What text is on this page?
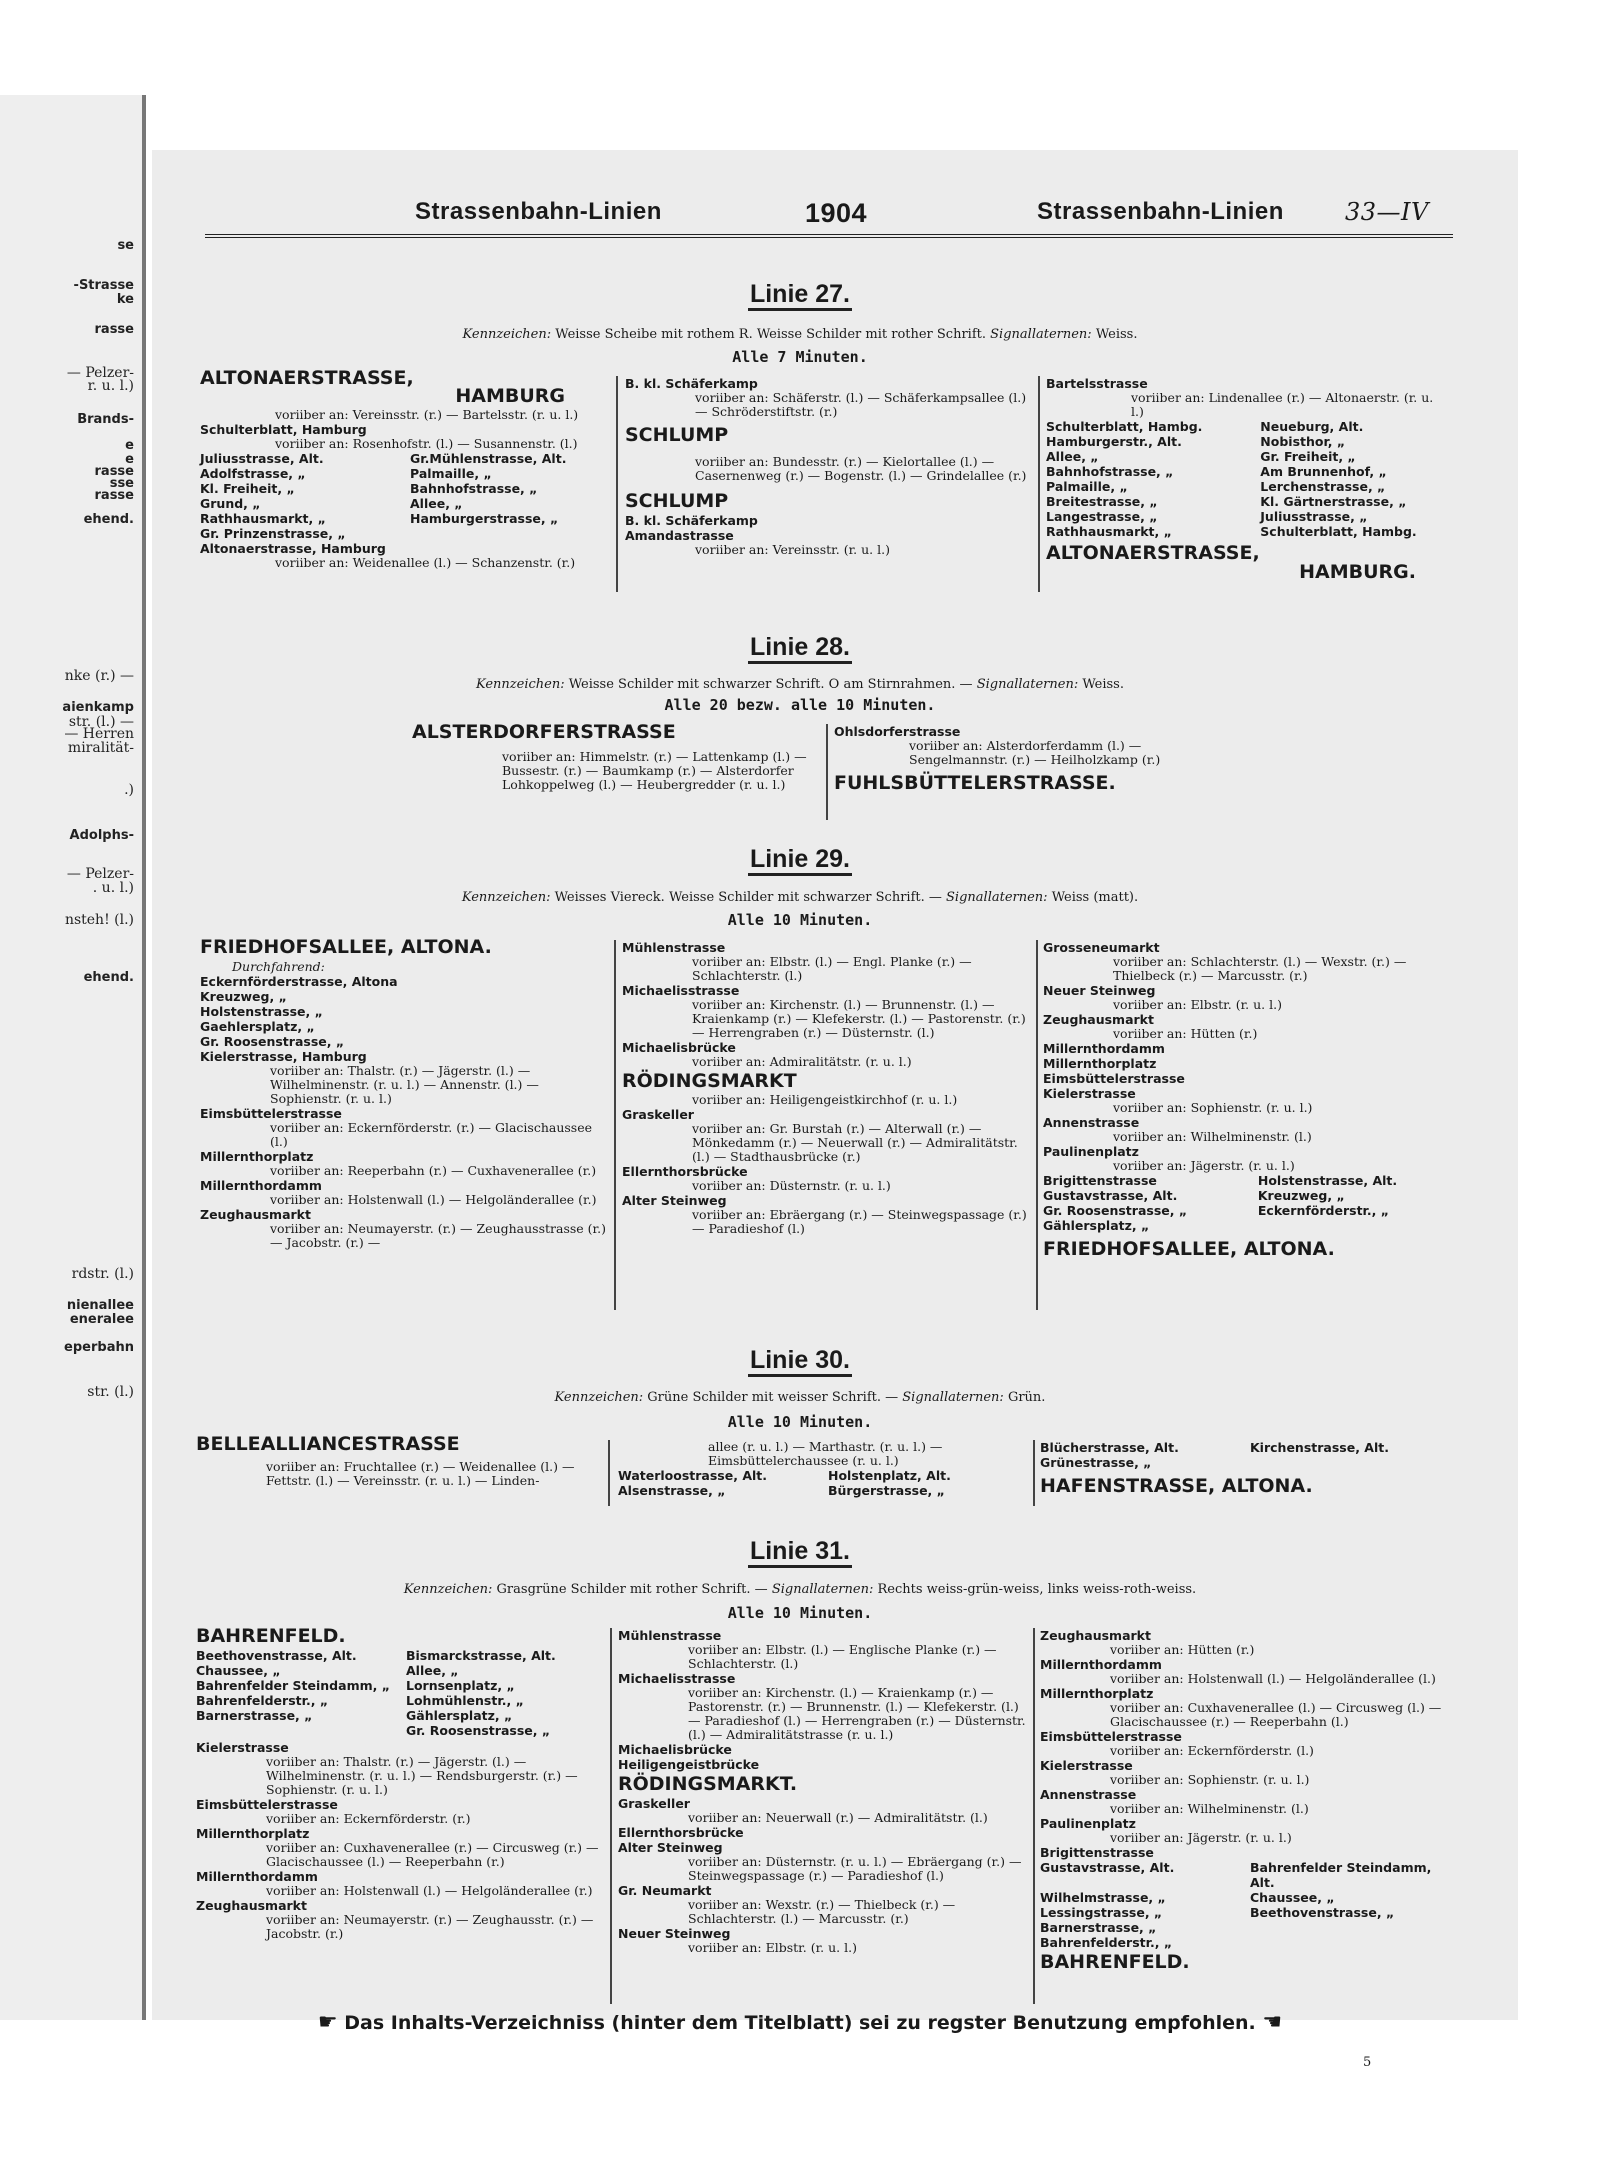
se
-Strasse
ke
rasse
— Pelzer-
r. u. l.)
Brands-
e
e
rasse
sse
rasse
ehend.
nke (r.) —
aienkamp
str. (l.) —
— Herren
miralität-
.)
Adolphs-
— Pelzer-
. u. l.)
nsteh! (l.)
ehend.
rdstr. (l.)
nienallee
eneralee
eperbahn
str. (l.)
Strassenbahn-Linien	1904	Strassenbahn-Linien	33—IV
Linie 27.
Kennzeichen: Weisse Scheibe mit rothem R. Weisse Schilder mit rother Schrift. Signallaternen: Weiss.
Alle 7 Minuten.
ALTONAERSTRASSE,
HAMBURG
voriiber an: Vereinsstr. (r.) — Bartelsstr. (r. u. l.)
Schulterblatt, Hamburg
voriiber an: Rosenhofstr. (l.) — Susannenstr. (l.)
Juliusstrasse, Alt.	Gr.Mühlenstrasse, Alt.
Adolfstrasse, „	Palmaille, „
Kl. Freiheit, „	Bahnhofstrasse, „
Grund, „	Allee, „
Rathhausmarkt, „	Hamburgerstrasse, „
Gr. Prinzenstrasse, „
Altonaerstrasse, Hamburg
voriiber an: Weidenallee (l.) — Schanzenstr. (r.)
B. kl. Schäferkamp
voriiber an: Schäferstr. (l.) — Schäferkampsallee (l.) — Schröderstiftstr. (r.)
SCHLUMP
voriiber an: Bundesstr. (r.) — Kielortallee (l.) — Casernenweg (r.) — Bogenstr. (l.) — Grindelallee (r.)
SCHLUMP
B. kl. Schäferkamp
Amandastrasse
voriiber an: Vereinsstr. (r. u. l.)
Bartelsstrasse
voriiber an: Lindenallee (r.) — Altonaerstr. (r. u. l.)
Schulterblatt, Hambg.	Neueburg, Alt.
Hamburgerstr., Alt.	Nobisthor, „
Allee, „	Gr. Freiheit, „
Bahnhofstrasse, „	Am Brunnenhof, „
Palmaille, „	Lerchenstrasse, „
Breitestrasse, „	Kl. Gärtnerstrasse, „
Langestrasse, „	Juliusstrasse, „
Rathhausmarkt, „	Schulterblatt, Hambg.
ALTONAERSTRASSE,
HAMBURG.
Linie 28.
Kennzeichen: Weisse Schilder mit schwarzer Schrift. O am Stirnrahmen. — Signallaternen: Weiss.
Alle 20 bezw. alle 10 Minuten.
ALSTERDORFERSTRASSE
voriiber an: Himmelstr. (r.) — Lattenkamp (l.) — Bussestr. (r.) — Baumkamp (r.) — Alsterdorfer Lohkoppelweg (l.) — Heubergredder (r. u. l.)
Ohlsdorferstrasse
voriiber an: Alsterdorferdamm (l.) — Sengelmannstr. (r.) — Heilholzkamp (r.)
FUHLSBÜTTELERSTRASSE.
Linie 29.
Kennzeichen: Weisses Viereck. Weisse Schilder mit schwarzer Schrift. — Signallaternen: Weiss (matt).
Alle 10 Minuten.
FRIEDHOFSALLEE, ALTONA.
Durchfahrend:
Eckernförderstrasse, Altona
Kreuzweg, „
Holstenstrasse, „
Gaehlersplatz, „
Gr. Roosenstrasse, „
Kielerstrasse, Hamburg
voriiber an: Thalstr. (r.) — Jägerstr. (l.) — Wilhelminenstr. (r. u. l.) — Annenstr. (l.) — Sophienstr. (r. u. l.)
Eimsbüttelerstrasse
voriiber an: Eckernförderstr. (r.) — Glacischaussee (l.)
Millernthorplatz
voriiber an: Reeperbahn (r.) — Cuxhavenerallee (r.)
Millernthordamm
voriiber an: Holstenwall (l.) — Helgoländerallee (r.)
Zeughausmarkt
voriiber an: Neumayerstr. (r.) — Zeughausstrasse (r.) — Jacobstr. (r.) —
Mühlenstrasse
voriiber an: Elbstr. (l.) — Engl. Planke (r.) — Schlachterstr. (l.)
Michaelisstrasse
voriiber an: Kirchenstr. (l.) — Brunnenstr. (l.) — Kraienkamp (r.) — Klefekerstr. (l.) — Pastorenstr. (r.) — Herrengraben (r.) — Düsternstr. (l.)
Michaelisbrücke
voriiber an: Admiralitätstr. (r. u. l.)
RÖDINGSMARKT
voriiber an: Heiligengeistkirchhof (r. u. l.)
Graskeller
voriiber an: Gr. Burstah (r.) — Alterwall (r.) — Mönkedamm (r.) — Neuerwall (r.) — Admiralitätstr. (l.) — Stadthausbrücke (r.)
Ellernthorsbrücke
voriiber an: Düsternstr. (r. u. l.)
Alter Steinweg
voriiber an: Ebräergang (r.) — Steinwegspassage (r.) — Paradieshof (l.)
Grosseneumarkt
voriiber an: Schlachterstr. (l.) — Wexstr. (r.) — Thielbeck (r.) — Marcusstr. (r.)
Neuer Steinweg
voriiber an: Elbstr. (r. u. l.)
Zeughausmarkt
voriiber an: Hütten (r.)
Millernthordamm
Millernthorplatz
Eimsbüttelerstrasse
Kielerstrasse
voriiber an: Sophienstr. (r. u. l.)
Annenstrasse
voriiber an: Wilhelminenstr. (l.)
Paulinenplatz
voriiber an: Jägerstr. (r. u. l.)
Brigittenstrasse	Holstenstrasse, Alt.
Gustavstrasse, Alt.	Kreuzweg, „
Gr. Roosenstrasse, „	Eckernförderstr., „
Gählersplatz, „
FRIEDHOFSALLEE, ALTONA.
Linie 30.
Kennzeichen: Grüne Schilder mit weisser Schrift. — Signallaternen: Grün.
Alle 10 Minuten.
BELLEALLIANCESTRASSE
voriiber an: Fruchtallee (r.) — Weidenallee (l.) — Fettstr. (l.) — Vereinsstr. (r. u. l.) — Linden-
allee (r. u. l.) — Marthastr. (r. u. l.) — Eimsbüttelerchaussee (r. u. l.)
Waterloostrasse, Alt.	Holstenplatz, Alt.
Alsenstrasse, „	Bürgerstrasse, „
Blücherstrasse, Alt.	Kirchenstrasse, Alt.
Grünestrasse, „
HAFENSTRASSE, ALTONA.
Linie 31.
Kennzeichen: Grasgrüne Schilder mit rother Schrift. — Signallaternen: Rechts weiss-grün-weiss, links weiss-roth-weiss.
Alle 10 Minuten.
BAHRENFELD.
Beethovenstrasse, Alt.	Bismarckstrasse, Alt.
Chaussee, „	Allee, „
Bahrenfelder Steindamm, „	Lornsenplatz, „
Bahrenfelderstr., „	Lohmühlenstr., „
Barnerstrasse, „	Gählersplatz, „
Gr. Roosenstrasse, „
Kielerstrasse
voriiber an: Thalstr. (r.) — Jägerstr. (l.) — Wilhelminenstr. (r. u. l.) — Rendsburgerstr. (r.) — Sophienstr. (r. u. l.)
Eimsbüttelerstrasse
voriiber an: Eckernförderstr. (r.)
Millernthorplatz
voriiber an: Cuxhavenerallee (r.) — Circusweg (r.) — Glacischaussee (l.) — Reeperbahn (r.)
Millernthordamm
voriiber an: Holstenwall (l.) — Helgoländerallee (r.)
Zeughausmarkt
voriiber an: Neumayerstr. (r.) — Zeughausstr. (r.) — Jacobstr. (r.)
Mühlenstrasse
voriiber an: Elbstr. (l.) — Englische Planke (r.) — Schlachterstr. (l.)
Michaelisstrasse
voriiber an: Kirchenstr. (l.) — Kraienkamp (r.) — Pastorenstr. (r.) — Brunnenstr. (l.) — Klefekerstr. (l.) — Paradieshof (l.) — Herrengraben (r.) — Düsternstr. (l.) — Admiralitätstrasse (r. u. l.)
Michaelisbrücke
Heiligengeistbrücke
RÖDINGSMARKT.
Graskeller
voriiber an: Neuerwall (r.) — Admiralitätstr. (l.)
Ellernthorsbrücke
Alter Steinweg
voriiber an: Düsternstr. (r. u. l.) — Ebräergang (r.) — Steinwegspassage (r.) — Paradieshof (l.)
Gr. Neumarkt
voriiber an: Wexstr. (r.) — Thielbeck (r.) — Schlachterstr. (l.) — Marcusstr. (r.)
Neuer Steinweg
voriiber an: Elbstr. (r. u. l.)
Zeughausmarkt
voriiber an: Hütten (r.)
Millernthordamm
voriiber an: Holstenwall (l.) — Helgoländerallee (l.)
Millernthorplatz
voriiber an: Cuxhavenerallee (l.) — Circusweg (l.) — Glacischaussee (r.) — Reeperbahn (l.)
Eimsbüttelerstrasse
voriiber an: Eckernförderstr. (l.)
Kielerstrasse
voriiber an: Sophienstr. (r. u. l.)
Annenstrasse
voriiber an: Wilhelminenstr. (l.)
Paulinenplatz
voriiber an: Jägerstr. (r. u. l.)
Brigittenstrasse
Gustavstrasse, Alt.	Bahrenfelder Steindamm, Alt.
Wilhelmstrasse, „	Chaussee, „
Lessingstrasse, „	Beethovenstrasse, „
Barnerstrasse, „
Bahrenfelderstr., „
BAHRENFELD.
☛ Das Inhalts-Verzeichniss (hinter dem Titelblatt) sei zu regster Benutzung empfohlen. ☚
5
